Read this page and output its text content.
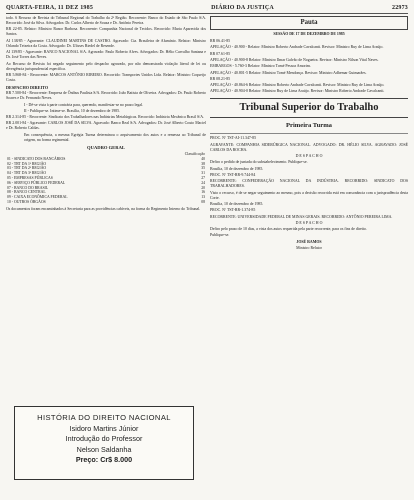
QUARTA-FEIRA, 11 DEZ 1985	DIÁRIO DA JUSTIÇA	22973

todo. 6 Recurso de Revista do Tribunal Regional do Trabalho da 2ª Região. Recorrente: Banco do Estado de São Paulo S/A. Recorrido: José da Silva. Advogados: Dr. Carlos Alberto de Souza e Dr. Antônio Pereira.

RR 22-85. Relator: Ministro Ranor Barbosa. Recorrente: Companhia Nacional de Tecidos. Recorrido: Maria Aparecida dos Santos.

AI 138/85 - Agravante: CLAUDINEI MARTINS DE CASTRO. Agravado: Cia. Brasileira de Alumínio. Relator: Ministro Orlando Teixeira da Costa. Advogado: Dr. Ulisses Riedel de Resende.

AI 139/85 - Agravante: BANCO NACIONAL S/A. Agravado: Paulo Roberto Alves. Advogados: Dr. Hélio Carvalho Santana e Dr. José Torres das Neves.

Ao Recurso de Revista foi negado seguimento pelo despacho agravado, por não demonstrada violação literal de lei ou divergência jurisprudencial específica.

RR 5.868-84 - Recorrente: MARCOS ANTÔNIO RIBEIRO. Recorrido: Transportes Unidos Ltda. Relator: Ministro Coqueijo Costa.

DESPACHO DIREITO

RR 7.500-84 - Recorrente: Empresa de Ônibus Paulista S/A. Recorrido: João Batista de Oliveira. Advogados: Dr. Paulo Roberto Soares e Dr. Fernando Neves.

I - Dê-se vista à parte contrária para, querendo, manifestar-se no prazo legal.

II - Publique-se. Intime-se. Brasília, 10 de dezembro de 1985.

RR 2.314-85 - Recorrente: Sindicato dos Trabalhadores nas Indústrias Metalúrgicas. Recorrido: Indústria Mecânica Brasil S/A.

RR 2.001-84 - Agravante: CARLOS JOSÉ DA SILVA. Agravado: Banco Real S/A. Advogados: Dr. José Alberto Couto Maciel e Dr. Roberto Caldas.

Em consequência, a mesma Egrégia Turma determinou o arquivamento dos autos e a remessa ao Tribunal de origem, na forma regimental.

QUADRO GERAL
	Classificação
01 - SINDICATO DOS BANCÁRIOS	40
02 - TRT DA 1ª REGIÃO	38
03 - TRT DA 2ª REGIÃO	35
04 - TRT DA 3ª REGIÃO	31
05 - EMPRESAS PÚBLICAS	27
06 - SERVIÇO PÚBLICO FEDERAL	24
07 - BANCO DO BRASIL	20
08 - BANCO CENTRAL	16
09 - CAIXA ECONÔMICA FEDERAL	13
10 - OUTROS ÓRGÃOS	08

Os documentos foram encaminhados à Secretaria para as providências cabíveis, na forma do Regimento Interno do Tribunal.

HISTÓRIA DO DIREITO NACIONAL
Isidoro Martins Júnior
Introdução do Professor
Nelson Saldanha
Preço: Cr$ 8.000
Pauta
SESSÃO DE 17 DE DEZEMBRO DE 1985

RR 06.41-85

APELAÇÃO - 40.900 - Relator: Ministro Roberto Andrade Cavalcanti. Revisor: Ministro Ruy de Lima Araújo.

RR 07.61-85

APELAÇÃO - 40.900-8 Relator: Ministro Ilmar Galvão de Nogueira. Revisor: Ministro Nilson Vital Naves.

EMBARGOS - 5.760-3 Relator: Ministro Tomé Pessoa Amorim.

APELAÇÃO - 40.801-5 Relator: Ministro Tomé Mendonça. Revisor: Ministro Adhemar Guimarães.

RR 08.21-85

APELAÇÃO - 40.864-6 Relator: Ministro Roberto Andrade Cavalcanti. Revisor: Ministro Ruy de Lima Araújo.

APELAÇÃO - 40.904-0 Relator: Ministro Ruy de Lima Araújo. Revisor: Ministro Roberto Andrade Cavalcanti.

Tribunal Superior do Trabalho
Primeira Turma

PROC. Nº TST-AI-11.347-85

AGRAVANTE: COMPANHIA SIDERÚRGICA NACIONAL. ADVOGADO: DR. HÉLIO SILVA. AGRAVADO: JOSÉ CARLOS DA ROCHA.

D E S P A C H O

Defiro o pedido de juntada do substabelecimento. Publique-se.

Brasília, 10 de dezembro de 1985.

PROC. Nº TST-RR-9.744-84

RECORRENTE: CONFEDERAÇÃO NACIONAL DA INDÚSTRIA. RECORRIDO: SINDICATO DOS TRABALHADORES.

Visto o recurso, é de se negar seguimento ao mesmo, pois a decisão recorrida está em consonância com a jurisprudência desta Corte.

Brasília, 10 de dezembro de 1985.

PROC. Nº TST-RR-1.374-85

RECORRENTE: UNIVERSIDADE FEDERAL DE MINAS GERAIS. RECORRIDO: ANTÔNIO PEREIRA LIMA.

D E S P A C H O

Defiro pelo prazo de 10 dias, a vista dos autos requerida pela parte recorrente, para os fins de direito.

Publique-se.

JOSÉ RAMOS
Ministro Relator
